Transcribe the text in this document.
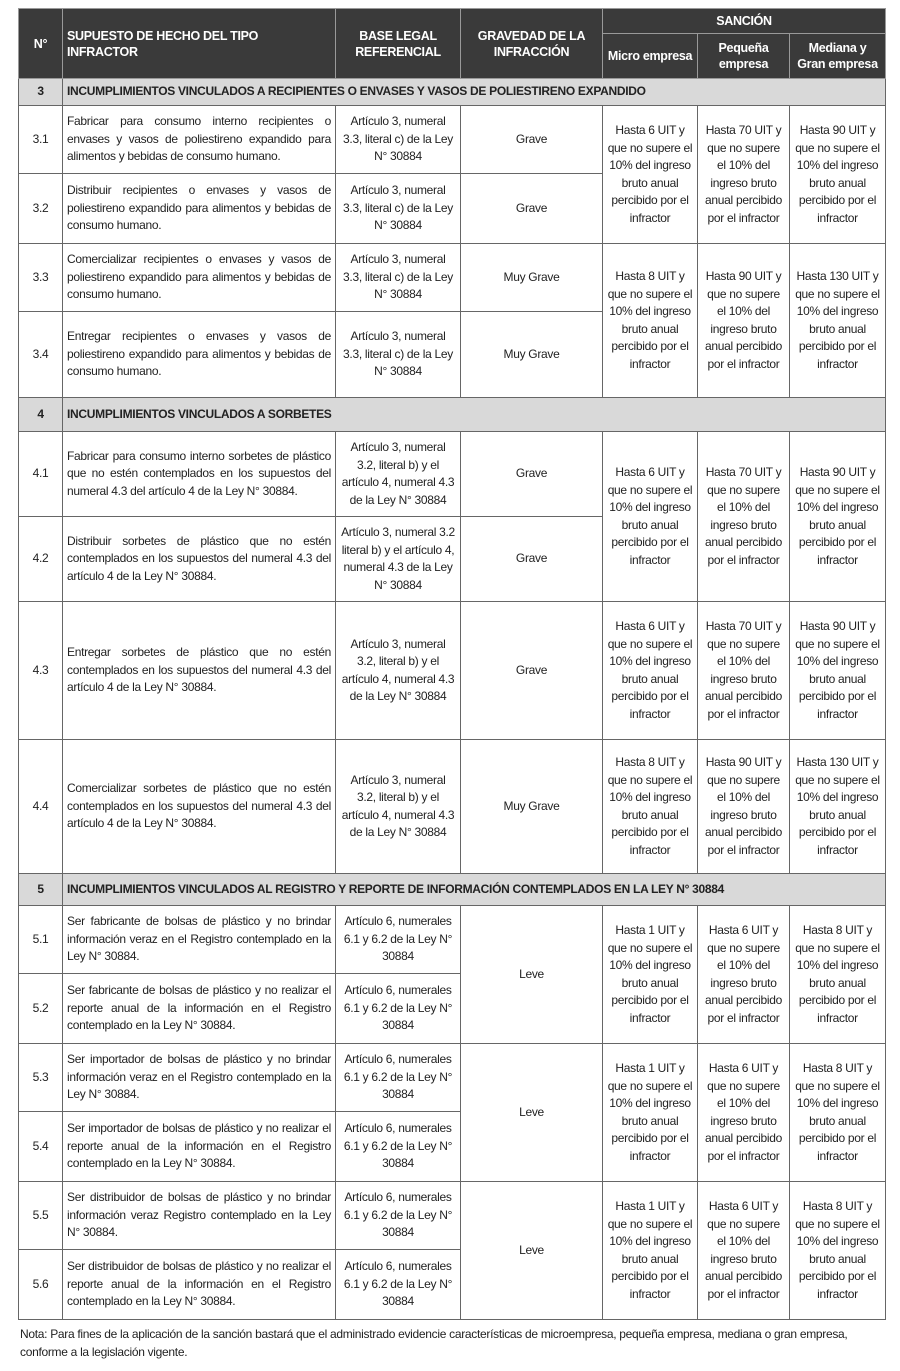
N°	SUPUESTO DE HECHO DEL TIPO INFRACTOR	BASE LEGAL REFERENCIAL	GRAVEDAD DE LA INFRACCIÓN	SANCIÓN		
				Micro empresa	Pequeña empresa	Mediana y Gran empresa
3	INCUMPLIMIENTOS VINCULADOS A RECIPIENTES O ENVASES Y VASOS DE POLIESTIRENO EXPANDIDO					
3.1	Fabricar para consumo interno recipientes o envases y vasos de poliestireno expandido para alimentos y bebidas de consumo humano.	Artículo 3, numeral 3.3, literal c) de la Ley N° 30884	Grave	Hasta 6 UIT y que no supere el 10% del ingreso bruto anual percibido por el infractor	Hasta 70 UIT y que no supere el 10% del ingreso bruto anual percibido por el infractor	Hasta 90 UIT y que no supere el 10% del ingreso bruto anual percibido por el infractor
3.2	Distribuir recipientes o envases y vasos de poliestireno expandido para alimentos y bebidas de consumo humano.	Artículo 3, numeral 3.3, literal c) de la Ley N° 30884	Grave			
3.3	Comercializar recipientes o envases y vasos de poliestireno expandido para alimentos y bebidas de consumo humano.	Artículo 3, numeral 3.3, literal c) de la Ley N° 30884	Muy Grave	Hasta 8 UIT y que no supere el 10% del ingreso bruto anual percibido por el infractor	Hasta 90 UIT y que no supere el 10% del ingreso bruto anual percibido por el infractor	Hasta 130 UIT y que no supere el 10% del ingreso bruto anual percibido por el infractor
3.4	Entregar recipientes o envases y vasos de poliestireno expandido para alimentos y bebidas de consumo humano.	Artículo 3, numeral 3.3, literal c) de la Ley N° 30884	Muy Grave			
4	INCUMPLIMIENTOS VINCULADOS A SORBETES					
4.1	Fabricar para consumo interno sorbetes de plástico que no estén contemplados en los supuestos del numeral 4.3 del artículo 4 de la Ley N° 30884.	Artículo 3, numeral 3.2, literal b) y el artículo 4, numeral 4.3 de la Ley N° 30884	Grave	Hasta 6 UIT y que no supere el 10% del ingreso bruto anual percibido por el infractor	Hasta 70 UIT y que no supere el 10% del ingreso bruto anual percibido por el infractor	Hasta 90 UIT y que no supere el 10% del ingreso bruto anual percibido por el infractor
4.2	Distribuir sorbetes de plástico que no estén contemplados en los supuestos del numeral 4.3 del artículo 4 de la Ley N° 30884.	Artículo 3, numeral 3.2 literal b) y el artículo 4, numeral 4.3 de la Ley N° 30884	Grave			
4.3	Entregar sorbetes de plástico que no estén contemplados en los supuestos del numeral 4.3 del artículo 4 de la Ley N° 30884.	Artículo 3, numeral 3.2, literal b) y el artículo 4, numeral 4.3 de la Ley N° 30884	Grave	Hasta 6 UIT y que no supere el 10% del ingreso bruto anual percibido por el infractor	Hasta 70 UIT y que no supere el 10% del ingreso bruto anual percibido por el infractor	Hasta 90 UIT y que no supere el 10% del ingreso bruto anual percibido por el infractor
4.4	Comercializar sorbetes de plástico que no estén contemplados en los supuestos del numeral 4.3 del artículo 4 de la Ley N° 30884.	Artículo 3, numeral 3.2, literal b) y el artículo 4, numeral 4.3 de la Ley N° 30884	Muy Grave	Hasta 8 UIT y que no supere el 10% del ingreso bruto anual percibido por el infractor	Hasta 90 UIT y que no supere el 10% del ingreso bruto anual percibido por el infractor	Hasta 130 UIT y que no supere el 10% del ingreso bruto anual percibido por el infractor
5	INCUMPLIMIENTOS VINCULADOS AL REGISTRO Y REPORTE DE INFORMACIÓN CONTEMPLADOS EN LA LEY N° 30884					
5.1	Ser fabricante de bolsas de plástico y no brindar información veraz en el Registro contemplado en la Ley N° 30884.	Artículo 6, numerales 6.1 y 6.2 de la Ley N° 30884	Leve	Hasta 1 UIT y que no supere el 10% del ingreso bruto anual percibido por el infractor	Hasta 6 UIT y que no supere el 10% del ingreso bruto anual percibido por el infractor	Hasta 8 UIT y que no supere el 10% del ingreso bruto anual percibido por el infractor
5.2	Ser fabricante de bolsas de plástico y no realizar el reporte anual de la información en el Registro contemplado en la Ley N° 30884.	Artículo 6, numerales 6.1 y 6.2 de la Ley N° 30884				
5.3	Ser importador de bolsas de plástico y no brindar información veraz en el Registro contemplado en la Ley N° 30884.	Artículo 6, numerales 6.1 y 6.2 de la Ley N° 30884	Leve	Hasta 1 UIT y que no supere el 10% del ingreso bruto anual percibido por el infractor	Hasta 6 UIT y que no supere el 10% del ingreso bruto anual percibido por el infractor	Hasta 8 UIT y que no supere el 10% del ingreso bruto anual percibido por el infractor
5.4	Ser importador de bolsas de plástico y no realizar el reporte anual de la información en el Registro contemplado en la Ley N° 30884.	Artículo 6, numerales 6.1 y 6.2 de la Ley N° 30884				
5.5	Ser distribuidor de bolsas de plástico y no brindar información veraz Registro contemplado en la Ley N° 30884.	Artículo 6, numerales 6.1 y 6.2 de la Ley N° 30884	Leve	Hasta 1 UIT y que no supere el 10% del ingreso bruto anual percibido por el infractor	Hasta 6 UIT y que no supere el 10% del ingreso bruto anual percibido por el infractor	Hasta 8 UIT y que no supere el 10% del ingreso bruto anual percibido por el infractor
5.6	Ser distribuidor de bolsas de plástico y no realizar el reporte anual de la información en el Registro contemplado en la Ley N° 30884.	Artículo 6, numerales 6.1 y 6.2 de la Ley N° 30884				
Nota: Para fines de la aplicación de la sanción bastará que el administrado evidencie características de microempresa, pequeña empresa, mediana o gran empresa, conforme a la legislación vigente.
